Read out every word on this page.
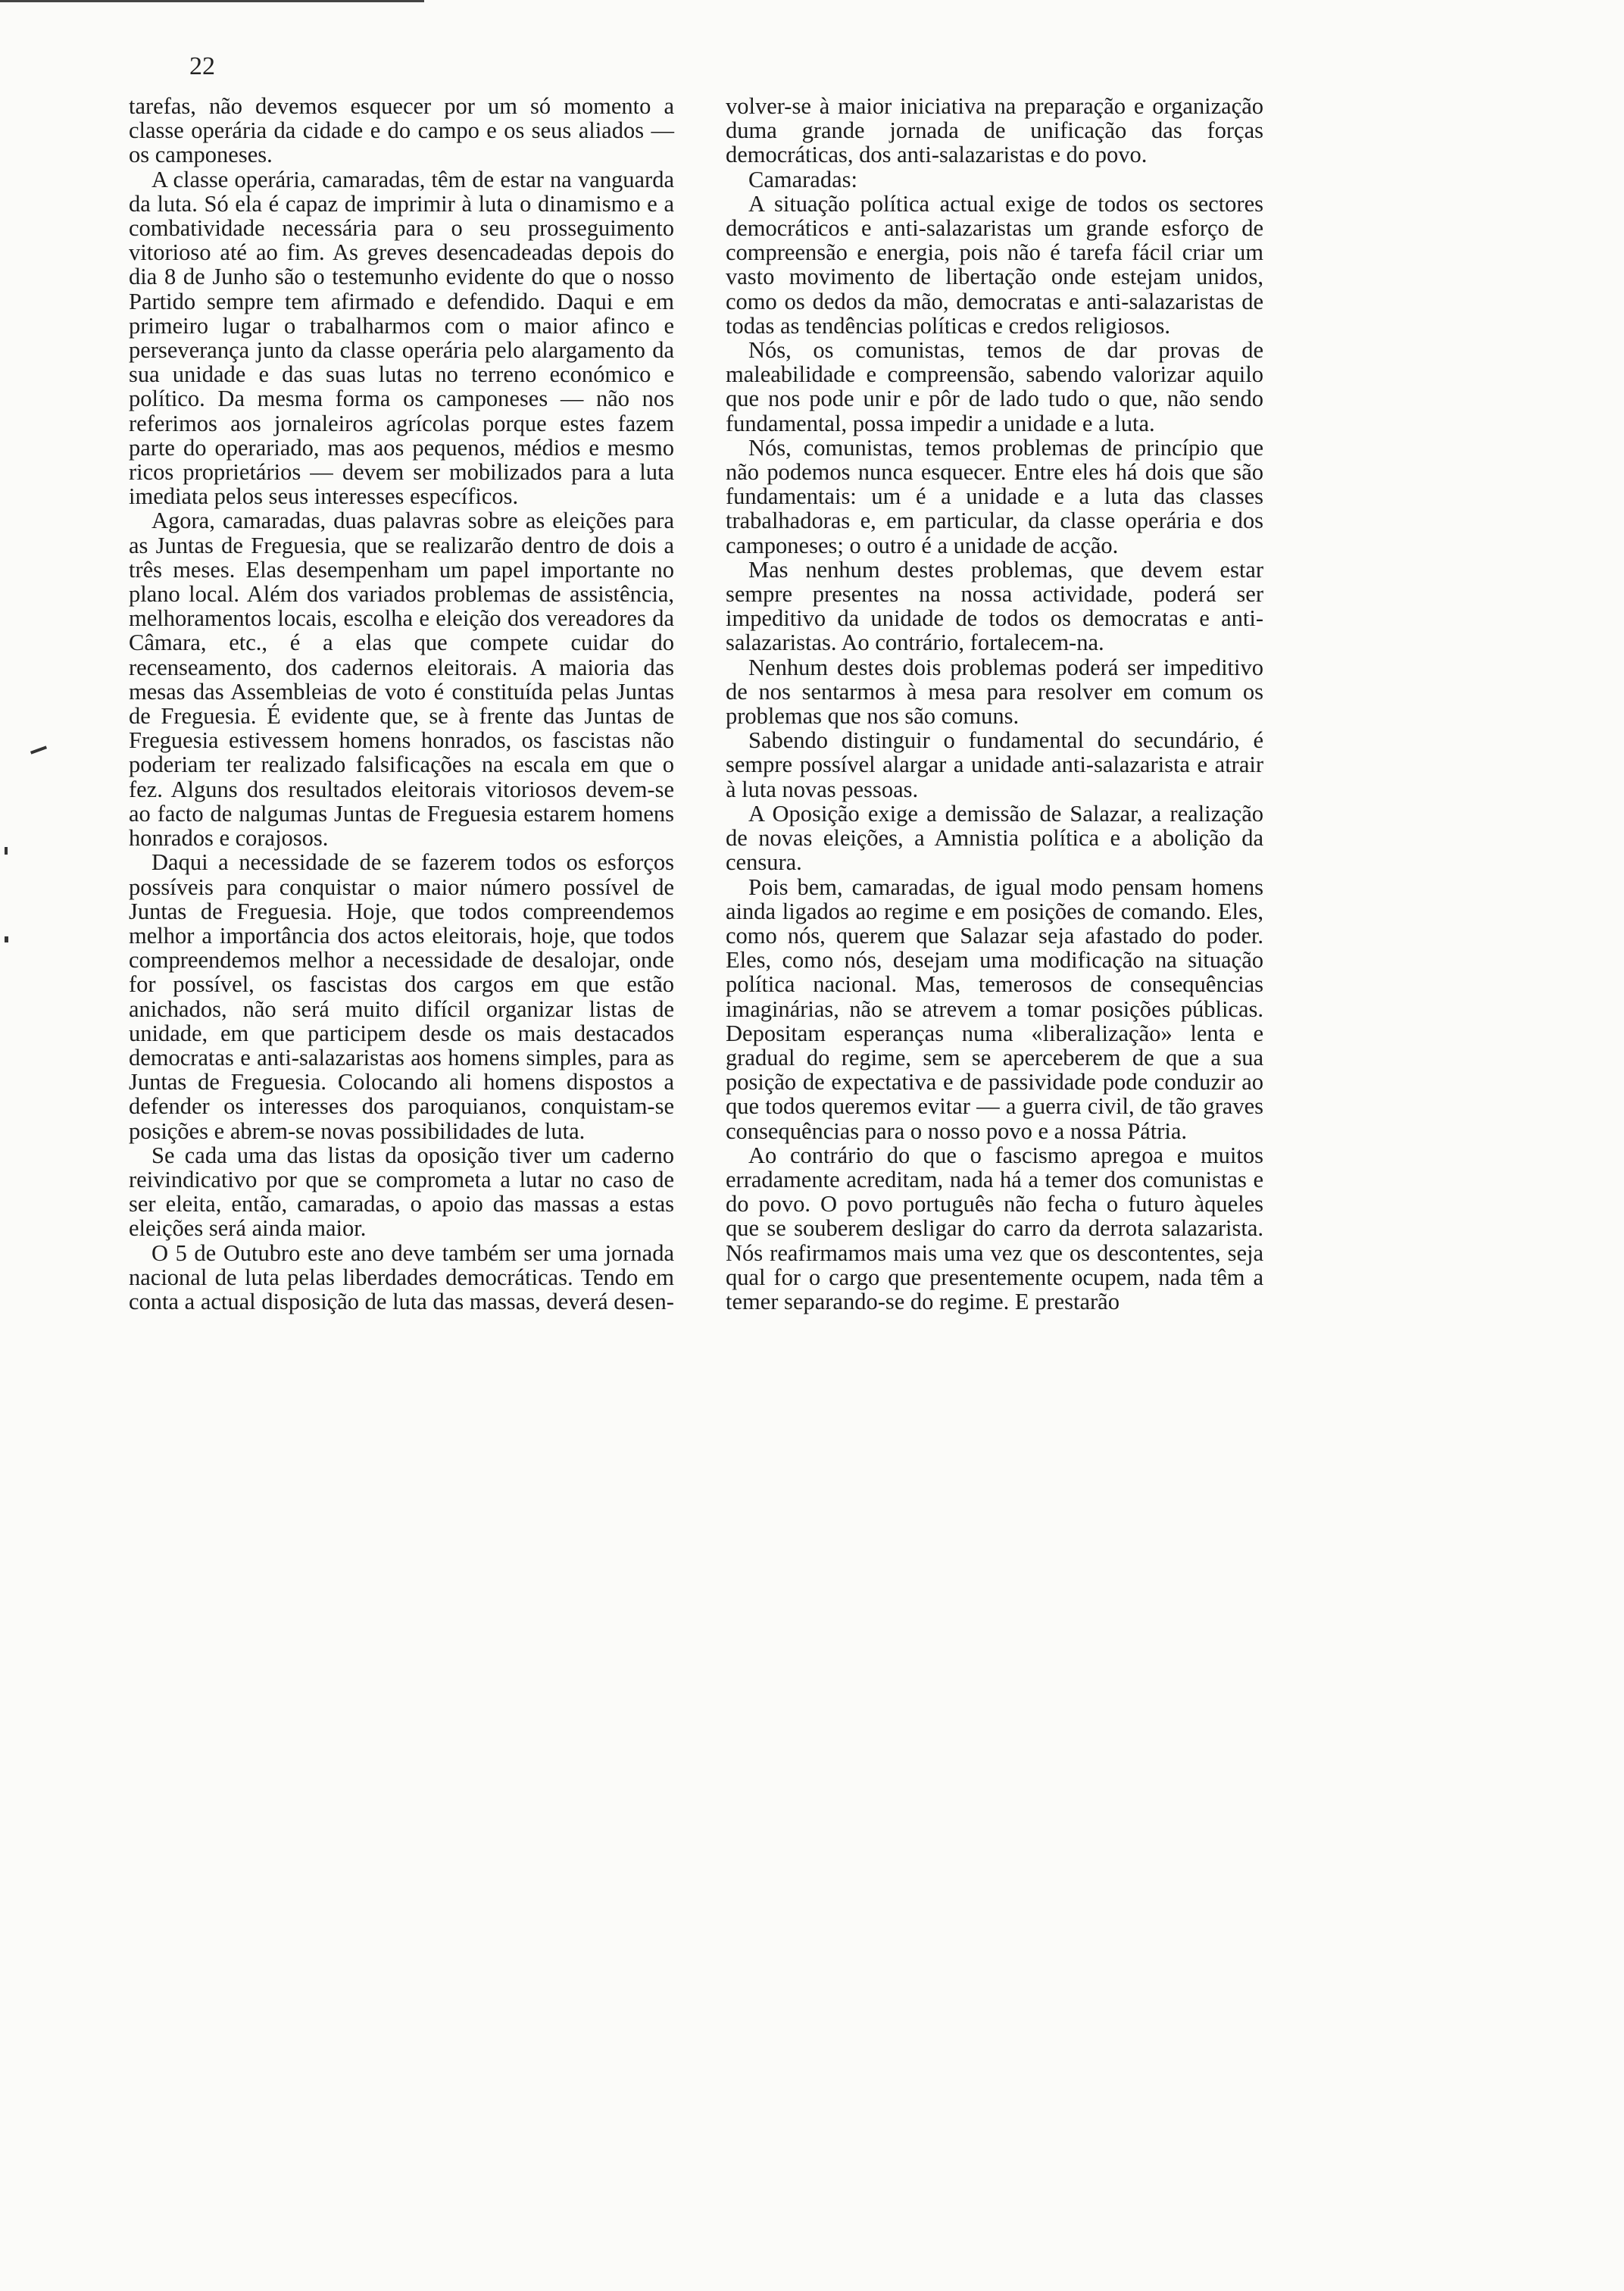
22

tarefas, não devemos esquecer por um só momento a classe operária da cidade e do campo e os seus aliados — os camponeses.

A classe operária, camaradas, têm de estar na vanguarda da luta. Só ela é capaz de imprimir à luta o dinamismo e a combatividade necessária para o seu prosseguimento vitorioso até ao fim. As greves desencadeadas depois do dia 8 de Junho são o testemunho evidente do que o nosso Partido sempre tem afirmado e defendido. Daqui e em primeiro lugar o trabalharmos com o maior afinco e perseverança junto da classe operária pelo alargamento da sua unidade e das suas lutas no terreno económico e político. Da mesma forma os camponeses — não nos referimos aos jornaleiros agrícolas porque estes fazem parte do operariado, mas aos pequenos, médios e mesmo ricos proprietários — devem ser mobilizados para a luta imediata pelos seus interesses específicos.

Agora, camaradas, duas palavras sobre as eleições para as Juntas de Freguesia, que se realizarão dentro de dois a três meses. Elas desempenham um papel importante no plano local. Além dos variados problemas de assistência, melhoramentos locais, escolha e eleição dos vereadores da Câmara, etc., é a elas que compete cuidar do recenseamento, dos cadernos eleitorais. A maioria das mesas das Assembleias de voto é constituída pelas Juntas de Freguesia. É evidente que, se à frente das Juntas de Freguesia estivessem homens honrados, os fascistas não poderiam ter realizado falsificações na escala em que o fez. Alguns dos resultados eleitorais vitoriosos devem-se ao facto de nalgumas Juntas de Freguesia estarem homens honrados e corajosos.

Daqui a necessidade de se fazerem todos os esforços possíveis para conquistar o maior número possível de Juntas de Freguesia. Hoje, que todos compreendemos melhor a importância dos actos eleitorais, hoje, que todos compreendemos melhor a necessidade de desalojar, onde for possível, os fascistas dos cargos em que estão anichados, não será muito difícil organizar listas de unidade, em que participem desde os mais destacados democratas e anti-salazaristas aos homens simples, para as Juntas de Freguesia. Colocando ali homens dispostos a defender os interesses dos paroquianos, conquistam-se posições e abrem-se novas possibilidades de luta.

Se cada uma das listas da oposição tiver um caderno reivindicativo por que se comprometa a lutar no caso de ser eleita, então, camaradas, o apoio das massas a estas eleições será ainda maior.

O 5 de Outubro este ano deve também ser uma jornada nacional de luta pelas liberdades democráticas. Tendo em conta a actual disposição de luta das massas, deverá desen-

volver-se à maior iniciativa na preparação e organização duma grande jornada de unificação das forças democráticas, dos anti-salazaristas e do povo.

Camaradas:

A situação política actual exige de todos os sectores democráticos e anti-salazaristas um grande esforço de compreensão e energia, pois não é tarefa fácil criar um vasto movimento de libertação onde estejam unidos, como os dedos da mão, democratas e anti-salazaristas de todas as tendências políticas e credos religiosos.

Nós, os comunistas, temos de dar provas de maleabilidade e compreensão, sabendo valorizar aquilo que nos pode unir e pôr de lado tudo o que, não sendo fundamental, possa impedir a unidade e a luta.

Nós, comunistas, temos problemas de princípio que não podemos nunca esquecer. Entre eles há dois que são fundamentais: um é a unidade e a luta das classes trabalhadoras e, em particular, da classe operária e dos camponeses; o outro é a unidade de acção.

Mas nenhum destes problemas, que devem estar sempre presentes na nossa actividade, poderá ser impeditivo da unidade de todos os democratas e anti-salazaristas. Ao contrário, fortalecem-na.

Nenhum destes dois problemas poderá ser impeditivo de nos sentarmos à mesa para resolver em comum os problemas que nos são comuns.

Sabendo distinguir o fundamental do secundário, é sempre possível alargar a unidade anti-salazarista e atrair à luta novas pessoas.

A Oposição exige a demissão de Salazar, a realização de novas eleições, a Amnistia política e a abolição da censura.

Pois bem, camaradas, de igual modo pensam homens ainda ligados ao regime e em posições de comando. Eles, como nós, querem que Salazar seja afastado do poder. Eles, como nós, desejam uma modificação na situação política nacional. Mas, temerosos de consequências imaginárias, não se atrevem a tomar posições públicas. Depositam esperanças numa «liberalização» lenta e gradual do regime, sem se aperceberem de que a sua posição de expectativa e de passividade pode conduzir ao que todos queremos evitar — a guerra civil, de tão graves consequências para o nosso povo e a nossa Pátria.

Ao contrário do que o fascismo apregoa e muitos erradamente acreditam, nada há a temer dos comunistas e do povo. O povo português não fecha o futuro àqueles que se souberem desligar do carro da derrota salazarista. Nós reafirmamos mais uma vez que os descontentes, seja qual for o cargo que presentemente ocupem, nada têm a temer separando-se do regime. E prestarão
